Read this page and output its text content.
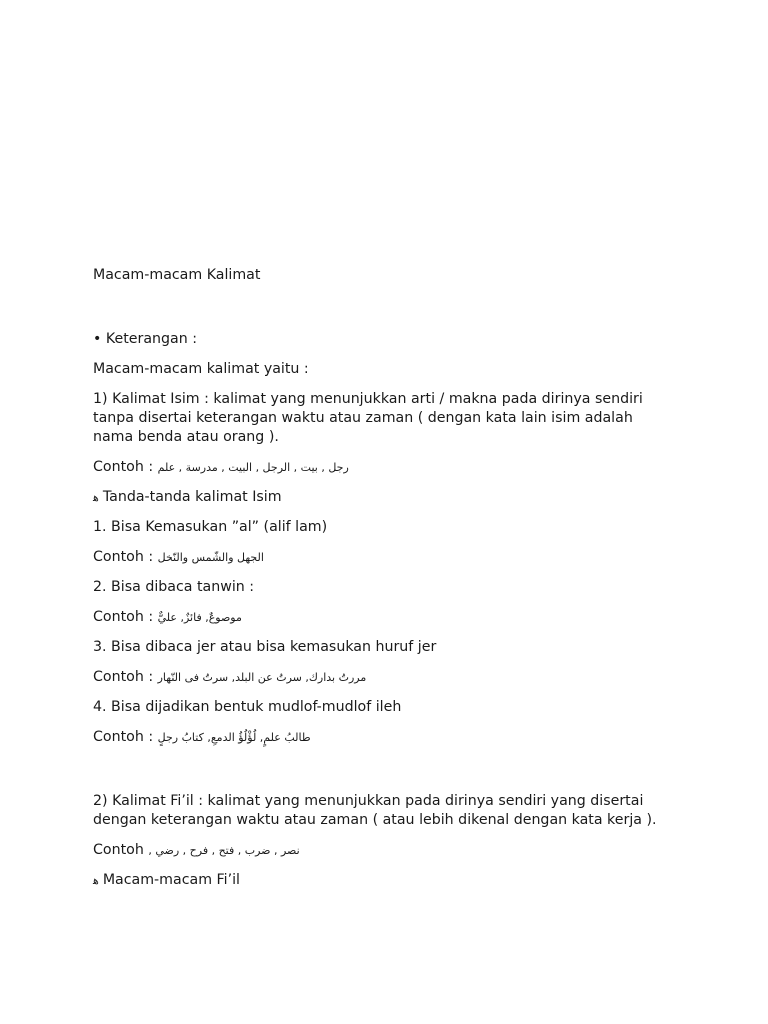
Macam-macam Kalimat
• Keterangan :
Macam-macam kalimat yaitu :
1) Kalimat Isim : kalimat yang menunjukkan arti / makna pada dirinya sendiri
tanpa disertai keterangan waktu atau zaman ( dengan kata lain isim adalah
nama benda atau orang ).
Contoh : رجل , بيت , الرجل , البيت , مدرسة , علم
ﮬ Tanda-tanda kalimat Isim
1. Bisa Kemasukan ”al” (alif lam)
Contoh : الجهل والشّمس والنّخل
2. Bisa dibaca tanwin :
Contoh : موصوعٌ, فائزٌ, عليٌّ
3. Bisa dibaca jer atau bisa kemasukan huruf jer
Contoh : مررتُ بدارك, سرتُ عن البلد, سرتُ فى النّهار
4. Bisa dijadikan bentuk mudlof-mudlof ileh
Contoh : طالبُ علمٍ, لُؤْلُؤُ الدمعِ, كتابُ رجلٍ
2) Kalimat Fi’il : kalimat yang menunjukkan pada dirinya sendiri yang disertai
dengan keterangan waktu atau zaman ( atau lebih dikenal dengan kata kerja ).
Contoh نصر , ضرب , فتح , فرح , رضي ,
ﮬ Macam-macam Fi’il
